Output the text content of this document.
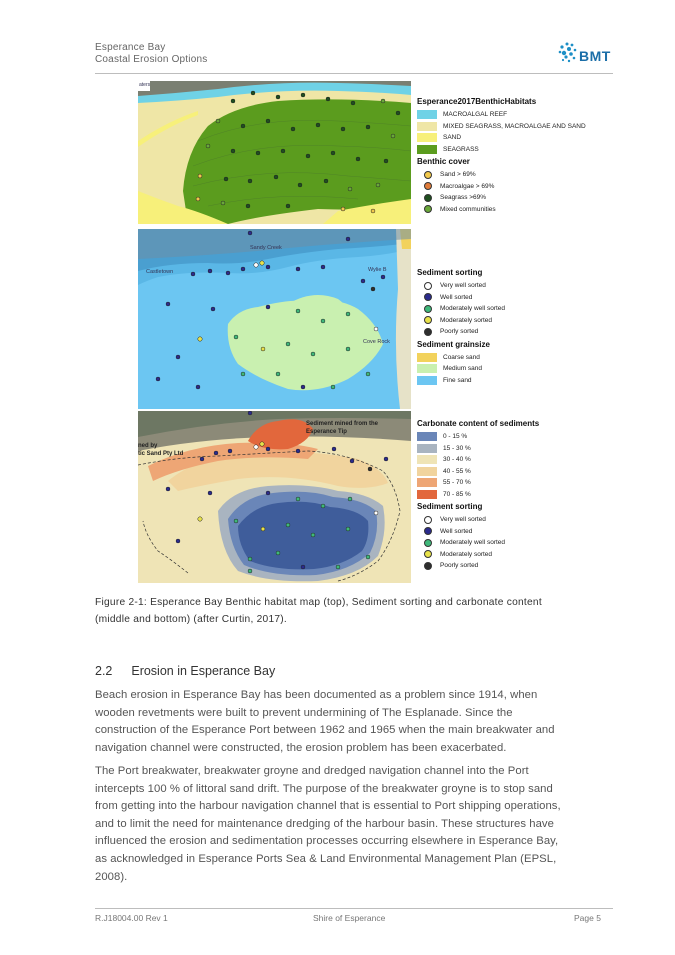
Esperance Bay
Coastal Erosion Options	BMT
aters
Esperance2017BenthicHabitats
MACROALGAL REEF
MIXED SEAGRASS, MACROALGAE AND SAND
SAND
SEAGRASS
Benthic cover
Sand > 69%
Macroalgae > 69%
Seagrass >69%
Mixed communities
Castletown
Sandy Creek
Wylie B
Cove Rock
Sediment sorting
Very well sorted
Well sorted
Moderately well sorted
Moderately sorted
Poorly sorted
Sediment grainsize
Coarse sand
Medium sand
Fine sand
Sediment mined from the
Esperance Tip
ned by
tic Sand Pty Ltd
Carbonate content of sediments
0 - 15 %
15 - 30 %
30 - 40 %
40 - 55 %
55 - 70 %
70 - 85 %
Sediment sorting
Very well sorted
Well sorted
Moderately well sorted
Moderately sorted
Poorly sorted
Figure 2-1: Esperance Bay Benthic habitat map (top), Sediment sorting and carbonate content
(middle and bottom) (after Curtin, 2017).
2.2 Erosion in Esperance Bay
Beach erosion in Esperance Bay has been documented as a problem since 1914, when
wooden revetments were built to prevent undermining of The Esplanade. Since the
construction of the Esperance Port between 1962 and 1965 when the main breakwater and
navigation channel were constructed, the erosion problem has been exacerbated.
The Port breakwater, breakwater groyne and dredged navigation channel into the Port
intercepts 100 % of littoral sand drift. The purpose of the breakwater groyne is to stop sand
from getting into the harbour navigation channel that is essential to Port shipping operations,
and to limit the need for maintenance dredging of the harbour basin. These structures have
influenced the erosion and sedimentation processes occurring elsewhere in Esperance Bay,
as acknowledged in Esperance Ports Sea & Land Environmental Management Plan (EPSL,
2008).
R.J18004.00 Rev 1	Shire of Esperance	Page 5
